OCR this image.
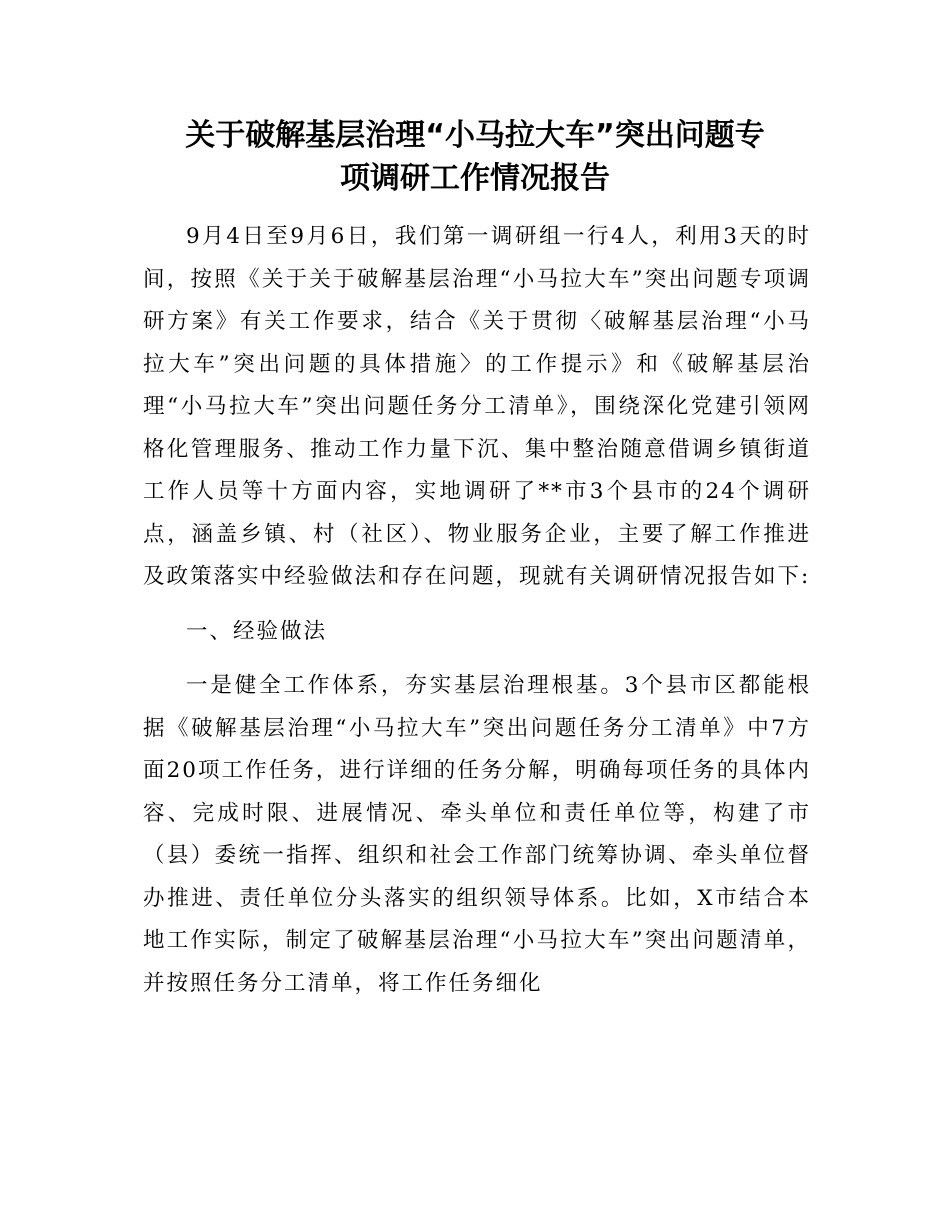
关于破解基层治理“小马拉大车”突出问题专
项调研工作情况报告

9月4日至9月6日，我们第一调研组一行4人，利用3天的时间，按照《关于关于破解基层治理“小马拉大车”突出问题专项调研方案》有关工作要求，结合《关于贯彻〈破解基层治理“小马拉大车”突出问题的具体措施〉的工作提示》和《破解基层治理“小马拉大车”突出问题任务分工清单》，围绕深化党建引领网格化管理服务、推动工作力量下沉、集中整治随意借调乡镇街道工作人员等十方面内容，实地调研了**市3个县市的24个调研点，涵盖乡镇、村（社区）、物业服务企业，主要了解工作推进及政策落实中经验做法和存在问题，现就有关调研情况报告如下:

一、经验做法

一是健全工作体系，夯实基层治理根基。3个县市区都能根据《破解基层治理“小马拉大车”突出问题任务分工清单》中7方面20项工作任务，进行详细的任务分解，明确每项任务的具体内容、完成时限、进展情况、牵头单位和责任单位等，构建了市（县）委统一指挥、组织和社会工作部门统筹协调、牵头单位督办推进、责任单位分头落实的组织领导体系。比如，X市结合本地工作实际，制定了破解基层治理“小马拉大车”突出问题清单，并按照任务分工清单，将工作任务细化
